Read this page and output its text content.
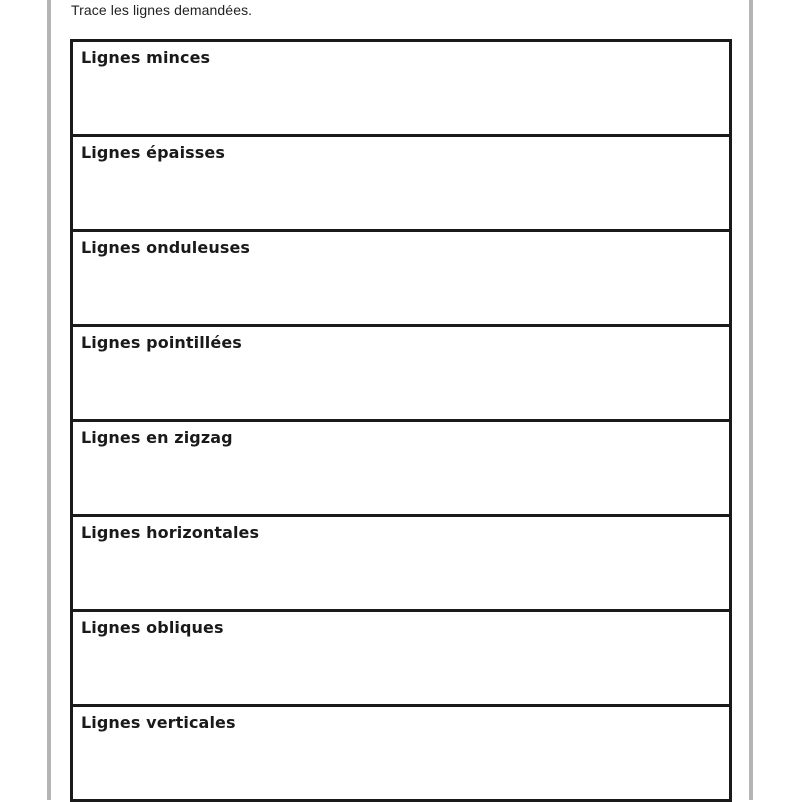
Trace les lignes demandées.
Lignes minces
Lignes épaisses
Lignes onduleuses
Lignes pointillées
Lignes en zigzag
Lignes horizontales
Lignes obliques
Lignes verticales
